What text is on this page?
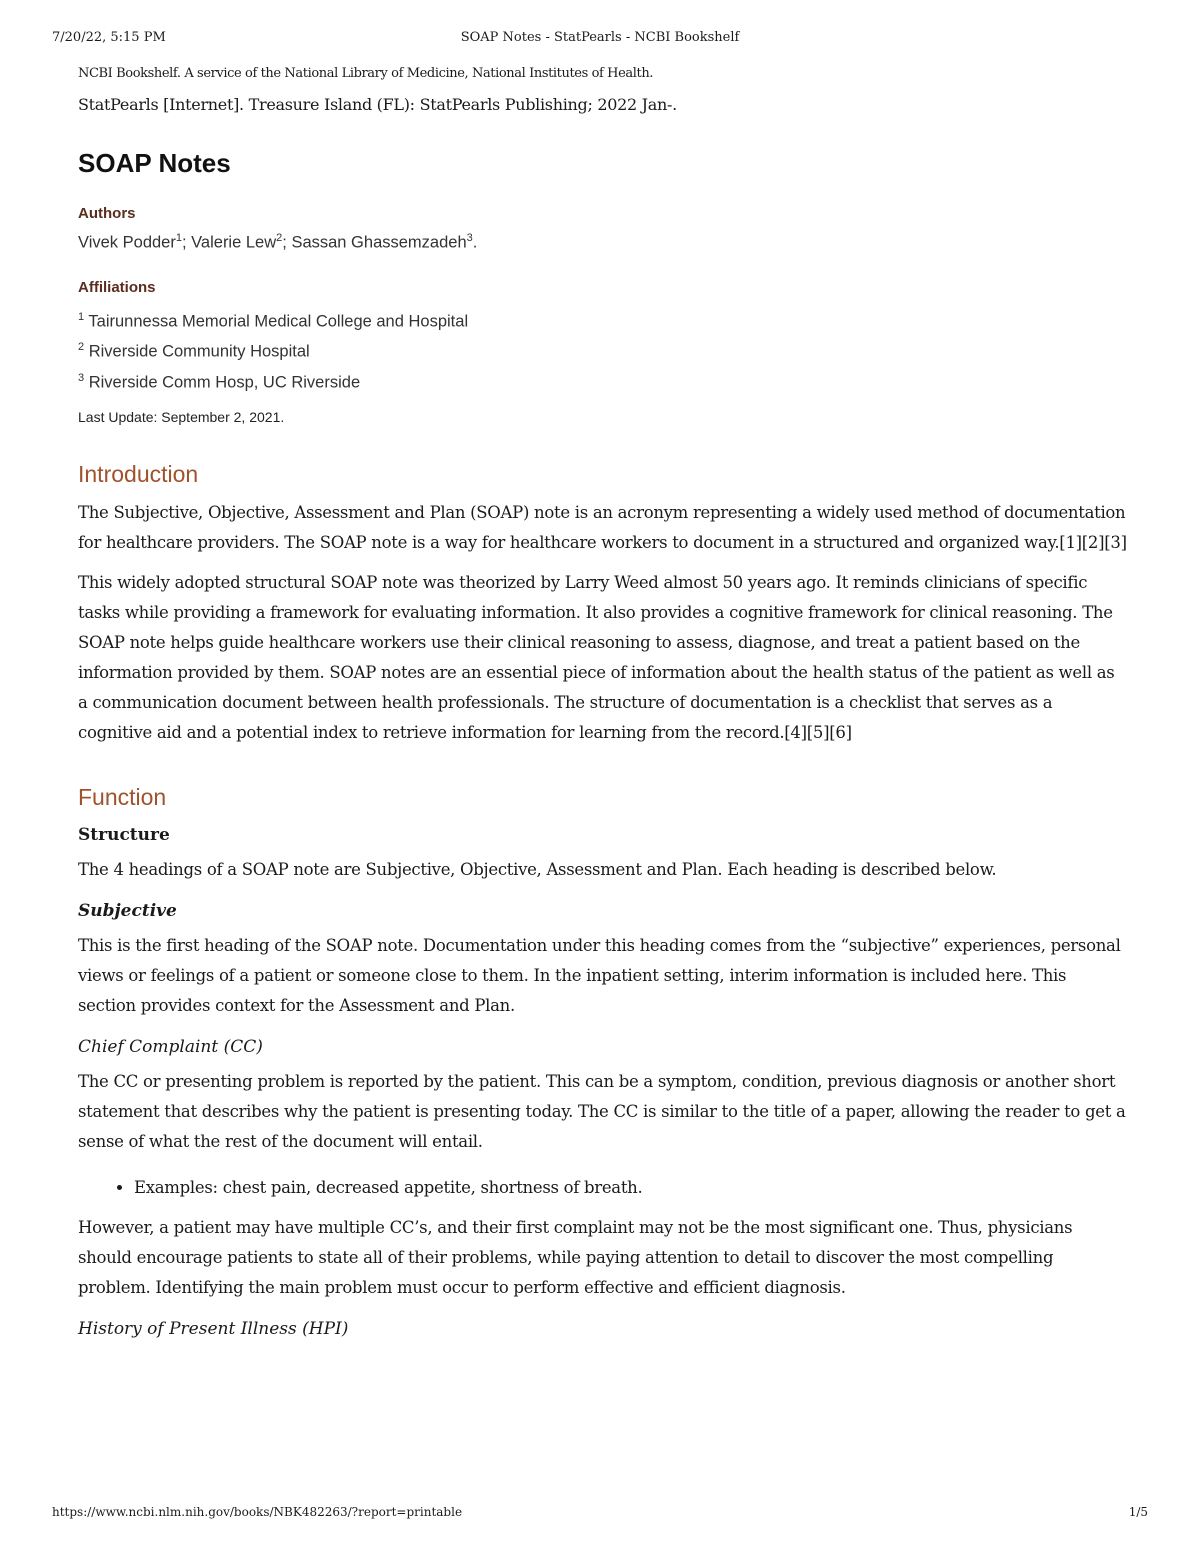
7/20/22, 5:15 PM	SOAP Notes - StatPearls - NCBI Bookshelf

NCBI Bookshelf. A service of the National Library of Medicine, National Institutes of Health.

StatPearls [Internet]. Treasure Island (FL): StatPearls Publishing; 2022 Jan-.

SOAP Notes
Authors
Vivek Podder$^1$; Valerie Lew$^2$; Sassan Ghassemzadeh$^3$.
Affiliations
$^1$ Tairunnessa Memorial Medical College and Hospital
$^2$ Riverside Community Hospital
$^3$ Riverside Comm Hosp, UC Riverside
Last Update: September 2, 2021.
Introduction

The Subjective, Objective, Assessment and Plan (SOAP) note is an acronym representing a widely used method of documentation for healthcare providers. The SOAP note is a way for healthcare workers to document in a structured and organized way.[1][2][3]

This widely adopted structural SOAP note was theorized by Larry Weed almost 50 years ago. It reminds clinicians of specific tasks while providing a framework for evaluating information. It also provides a cognitive framework for clinical reasoning. The SOAP note helps guide healthcare workers use their clinical reasoning to assess, diagnose, and treat a patient based on the information provided by them. SOAP notes are an essential piece of information about the health status of the patient as well as a communication document between health professionals. The structure of documentation is a checklist that serves as a cognitive aid and a potential index to retrieve information for learning from the record.[4][5][6]

Function
Structure

The 4 headings of a SOAP note are Subjective, Objective, Assessment and Plan. Each heading is described below.

Subjective

This is the first heading of the SOAP note. Documentation under this heading comes from the “subjective” experiences, personal views or feelings of a patient or someone close to them. In the inpatient setting, interim information is included here. This section provides context for the Assessment and Plan.

Chief Complaint (CC)

The CC or presenting problem is reported by the patient. This can be a symptom, condition, previous diagnosis or another short statement that describes why the patient is presenting today. The CC is similar to the title of a paper, allowing the reader to get a sense of what the rest of the document will entail.

• Examples: chest pain, decreased appetite, shortness of breath.

However, a patient may have multiple CC’s, and their first complaint may not be the most significant one. Thus, physicians should encourage patients to state all of their problems, while paying attention to detail to discover the most compelling problem. Identifying the main problem must occur to perform effective and efficient diagnosis.

History of Present Illness (HPI)
https://www.ncbi.nlm.nih.gov/books/NBK482263/?report=printable	1/5
